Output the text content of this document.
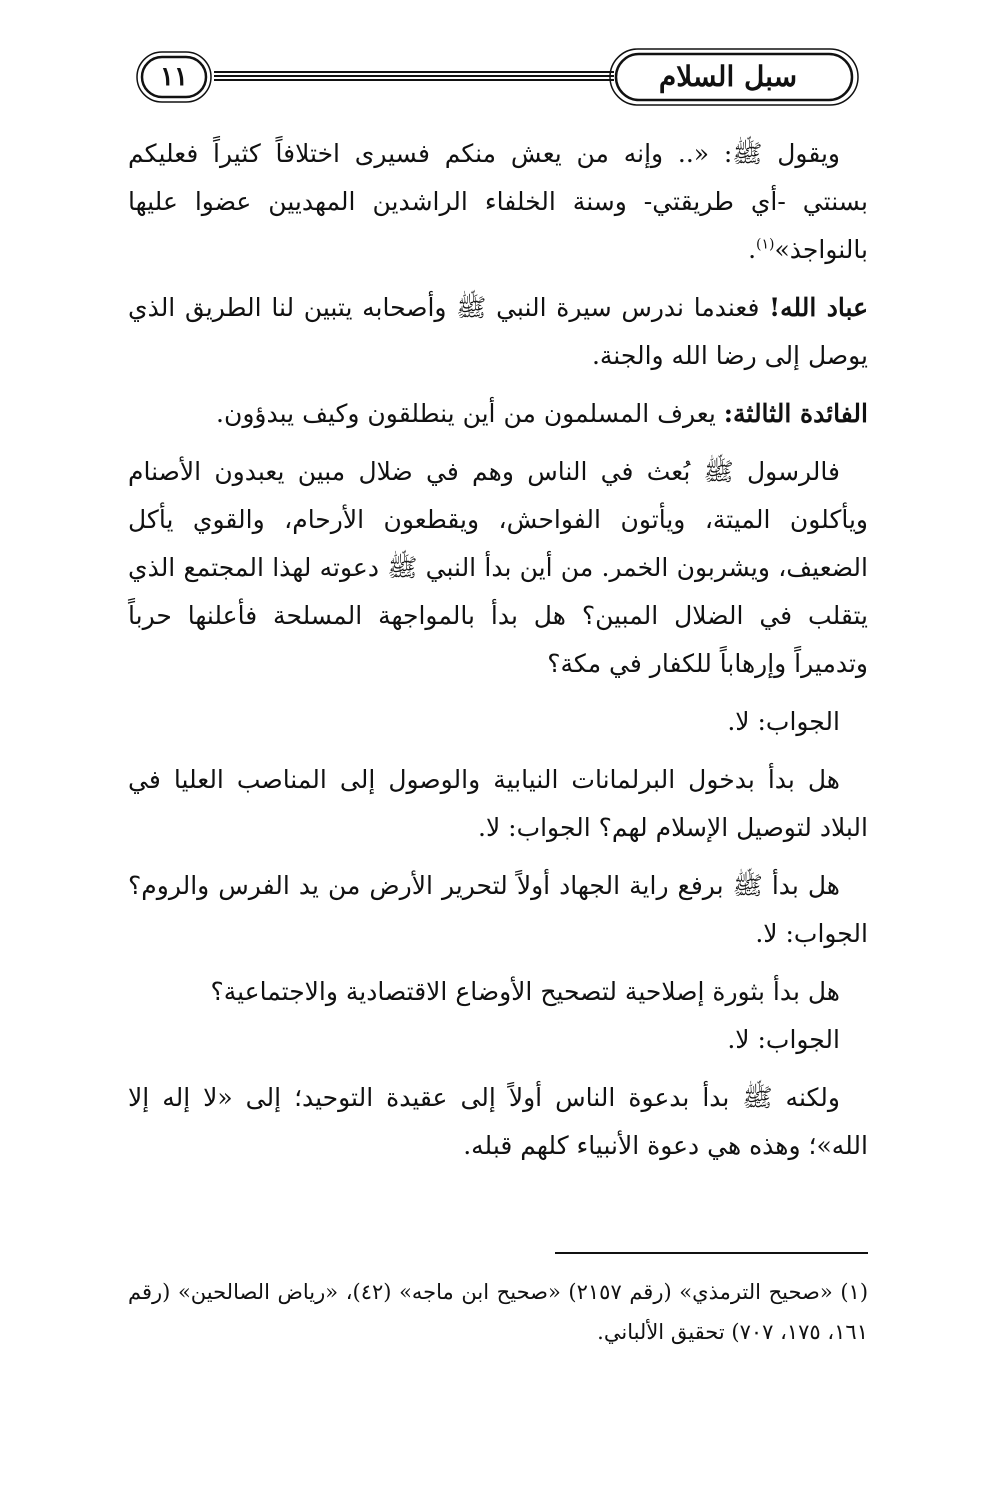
١١	سبل السلام

ويقول ﷺ: «.. وإنه من يعش منكم فسيرى اختلافاً كثيراً فعليكم بسنتي -أي طريقتي- وسنة الخلفاء الراشدين المهديين عضوا عليها بالنواجذ»$^{(١)}$.

عباد الله! فعندما ندرس سيرة النبي ﷺ وأصحابه يتبين لنا الطريق الذي يوصل إلى رضا الله والجنة.

الفائدة الثالثة: يعرف المسلمون من أين ينطلقون وكيف يبدؤون.

فالرسول ﷺ بُعث في الناس وهم في ضلال مبين يعبدون الأصنام ويأكلون الميتة، ويأتون الفواحش، ويقطعون الأرحام، والقوي يأكل الضعيف، ويشربون الخمر. من أين بدأ النبي ﷺ دعوته لهذا المجتمع الذي يتقلب في الضلال المبين؟ هل بدأ بالمواجهة المسلحة فأعلنها حرباً وتدميراً وإرهاباً للكفار في مكة؟

الجواب: لا.

هل بدأ بدخول البرلمانات النيابية والوصول إلى المناصب العليا في البلاد لتوصيل الإسلام لهم؟ الجواب: لا.

هل بدأ ﷺ برفع راية الجهاد أولاً لتحرير الأرض من يد الفرس والروم؟ الجواب: لا.

هل بدأ بثورة إصلاحية لتصحيح الأوضاع الاقتصادية والاجتماعية؟

الجواب: لا.

ولكنه ﷺ بدأ بدعوة الناس أولاً إلى عقيدة التوحيد؛ إلى «لا إله إلا الله»؛ وهذه هي دعوة الأنبياء كلهم قبله.

(١) «صحيح الترمذي» (رقم ٢١٥٧) «صحيح ابن ماجه» (٤٢)، «رياض الصالحين» (رقم ١٦١، ١٧٥، ٧٠٧) تحقيق الألباني.
